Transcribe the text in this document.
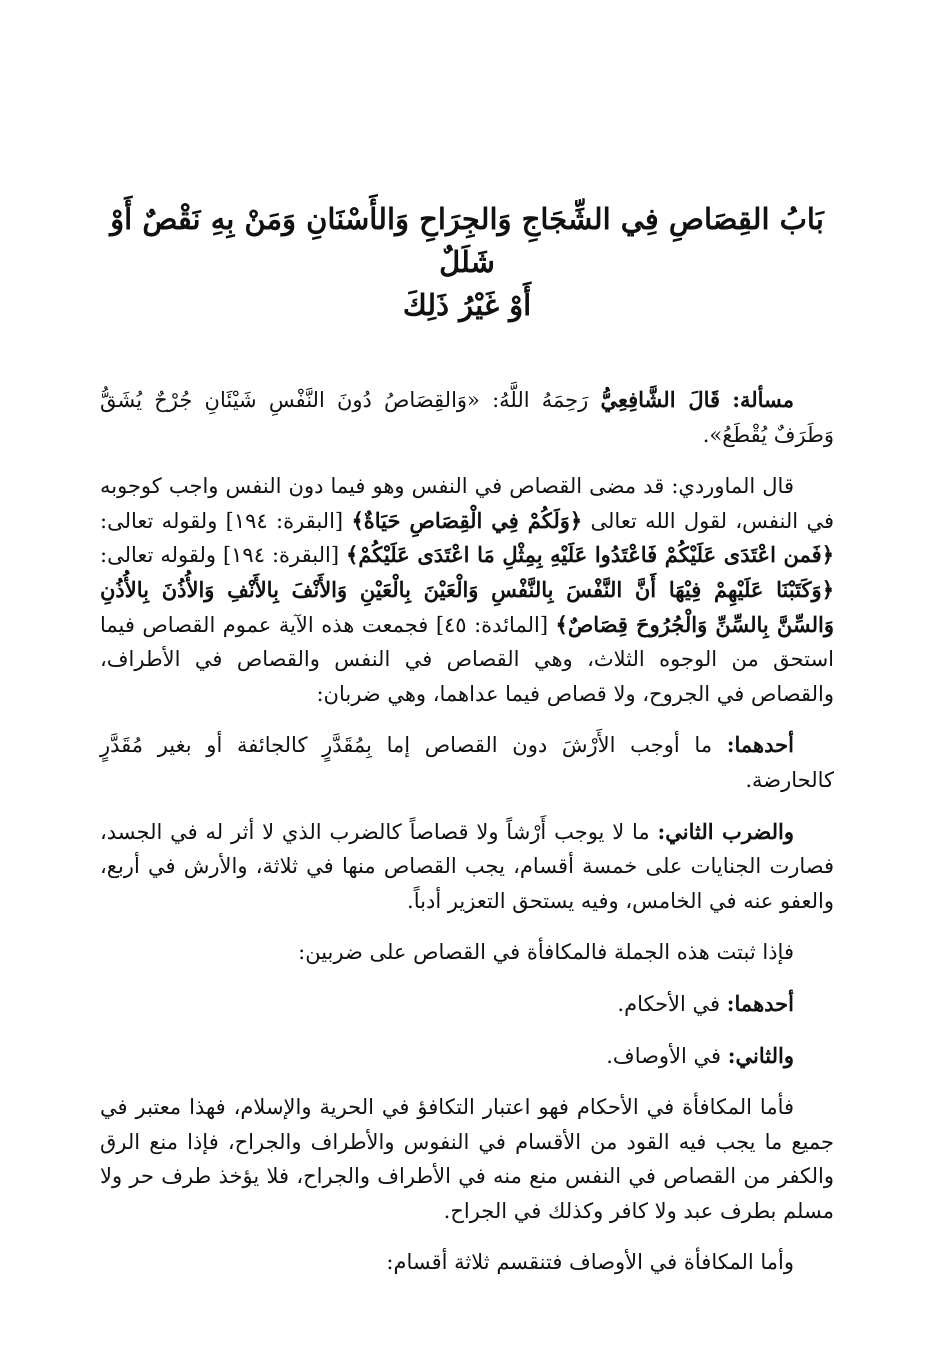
بَابُ القِصَاصِ فِي الشِّجَاجِ وَالجِرَاحِ وَالأَسْنَانِ وَمَنْ بِهِ نَقْصٌ أَوْ شَلَلٌ
أَوْ غَيْرُ ذَلِكَ

مسألة: قَالَ الشَّافِعِيُّ رَحِمَهُ اللَّهُ: «وَالقِصَاصُ دُونَ النَّفْسِ شَيْئَانِ جُرْحٌ يُشَقُّ وَطَرَفٌ يُقْطَعُ».

قال الماوردي: قد مضى القصاص في النفس وهو فيما دون النفس واجب كوجوبه في النفس، لقول الله تعالى ﴿وَلَكُمْ فِي الْقِصَاصِ حَيَاةٌ﴾ [البقرة: ١٩٤] ولقوله تعالى: ﴿فَمن اعْتَدَى عَلَيْكُمْ فَاعْتَدُوا عَلَيْهِ بِمِثْلِ مَا اعْتَدَى عَلَيْكُمْ﴾ [البقرة: ١٩٤] ولقوله تعالى: ﴿وَكَتَبْنَا عَلَيْهِمْ فِيْهَا أَنَّ النَّفْسَ بِالنَّفْسِ وَالْعَيْنَ بِالْعَيْنِ وَالأَنْفَ بِالأَنْفِ وَالأُذُنَ بِالأُذُنِ وَالسِّنَّ بِالسِّنِّ وَالْجُرُوحَ قِصَاصٌ﴾ [المائدة: ٤٥] فجمعت هذه الآية عموم القصاص فيما استحق من الوجوه الثلاث، وهي القصاص في النفس والقصاص في الأطراف، والقصاص في الجروح، ولا قصاص فيما عداهما، وهي ضربان:

أحدهما: ما أوجب الأَرْشَ دون القصاص إما بِمُقَدَّرٍ كالجائفة أو بغير مُقَدَّرٍ كالحارضة.

والضرب الثاني: ما لا يوجب أَرْشاً ولا قصاصاً كالضرب الذي لا أثر له في الجسد، فصارت الجنايات على خمسة أقسام، يجب القصاص منها في ثلاثة، والأرش في أربع، والعفو عنه في الخامس، وفيه يستحق التعزير أدباً.

فإذا ثبتت هذه الجملة فالمكافأة في القصاص على ضربين:

أحدهما: في الأحكام.

والثاني: في الأوصاف.

فأما المكافأة في الأحكام فهو اعتبار التكافؤ في الحرية والإسلام، فهذا معتبر في جميع ما يجب فيه القود من الأقسام في النفوس والأطراف والجراح، فإذا منع الرق والكفر من القصاص في النفس منع منه في الأطراف والجراح، فلا يؤخذ طرف حر ولا مسلم بطرف عبد ولا كافر وكذلك في الجراح.

وأما المكافأة في الأوصاف فتنقسم ثلاثة أقسام:
